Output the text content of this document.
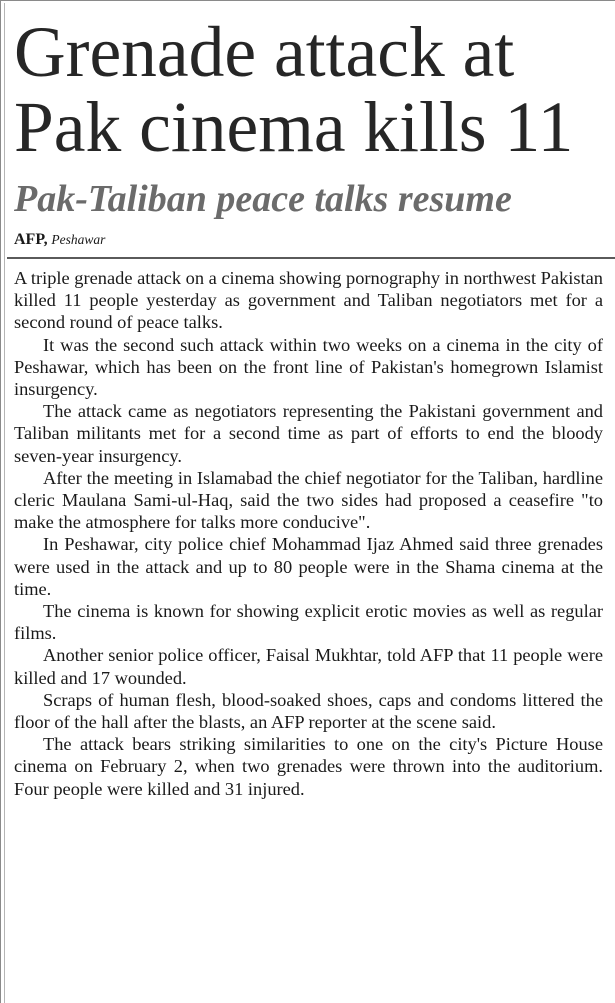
Grenade attack at Pak cinema kills 11
Pak-Taliban peace talks resume
AFP, Peshawar

A triple grenade attack on a cinema showing pornography in northwest Pakistan killed 11 people yesterday as government and Taliban negotiators met for a second round of peace talks.

It was the second such attack within two weeks on a cinema in the city of Peshawar, which has been on the front line of Pakistan's homegrown Islamist insurgency.

The attack came as negotiators representing the Pakistani government and Taliban militants met for a second time as part of efforts to end the bloody seven-year insurgency.

After the meeting in Islamabad the chief negotiator for the Taliban, hardline cleric Maulana Sami-ul-Haq, said the two sides had proposed a ceasefire "to make the atmosphere for talks more conducive".

In Peshawar, city police chief Mohammad Ijaz Ahmed said three grenades were used in the attack and up to 80 people were in the Shama cinema at the time.

The cinema is known for showing explicit erotic movies as well as regular films.

Another senior police officer, Faisal Mukhtar, told AFP that 11 people were killed and 17 wounded.

Scraps of human flesh, blood-soaked shoes, caps and condoms littered the floor of the hall after the blasts, an AFP reporter at the scene said.

The attack bears striking similarities to one on the city's Picture House cinema on February 2, when two grenades were thrown into the auditorium. Four people were killed and 31 injured.
